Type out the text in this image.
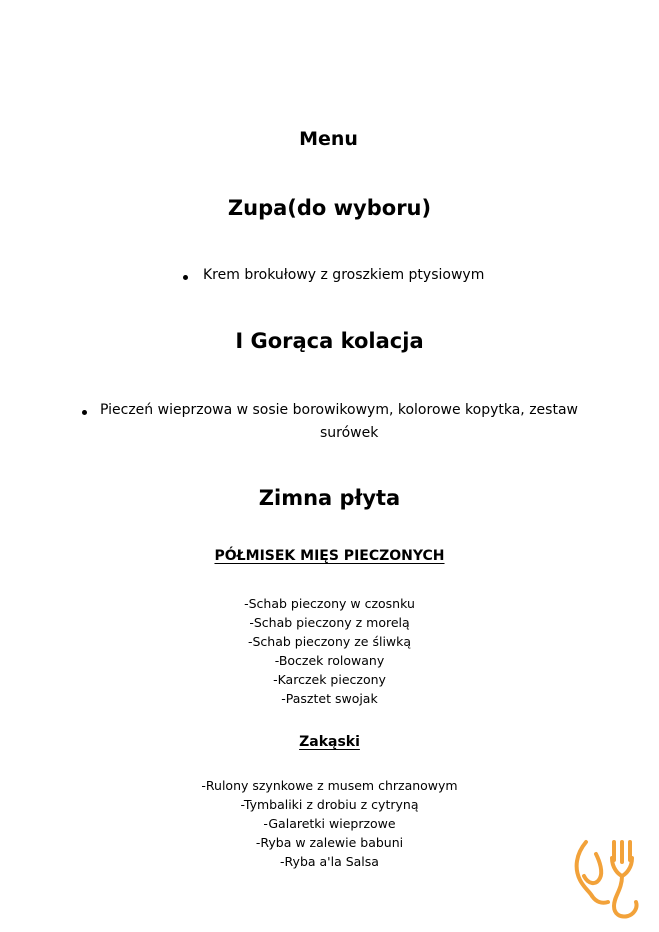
Menu
Zupa(do wyboru)
Krem brokułowy z groszkiem ptysiowym
I Gorąca kolacja
Pieczeń wieprzowa w sosie borowikowym, kolorowe kopytka, zestaw
surówek
Zimna płyta
PÓŁMISEK MIĘS PIECZONYCH
-Schab pieczony w czosnku
-Schab pieczony z morelą
-Schab pieczony ze śliwką
-Boczek rolowany
-Karczek pieczony
-Pasztet swojak
Zakąski
-Rulony szynkowe z musem chrzanowym
-Tymbaliki z drobiu z cytryną
-Galaretki wieprzowe
-Ryba w zalewie babuni
-Ryba a'la Salsa
